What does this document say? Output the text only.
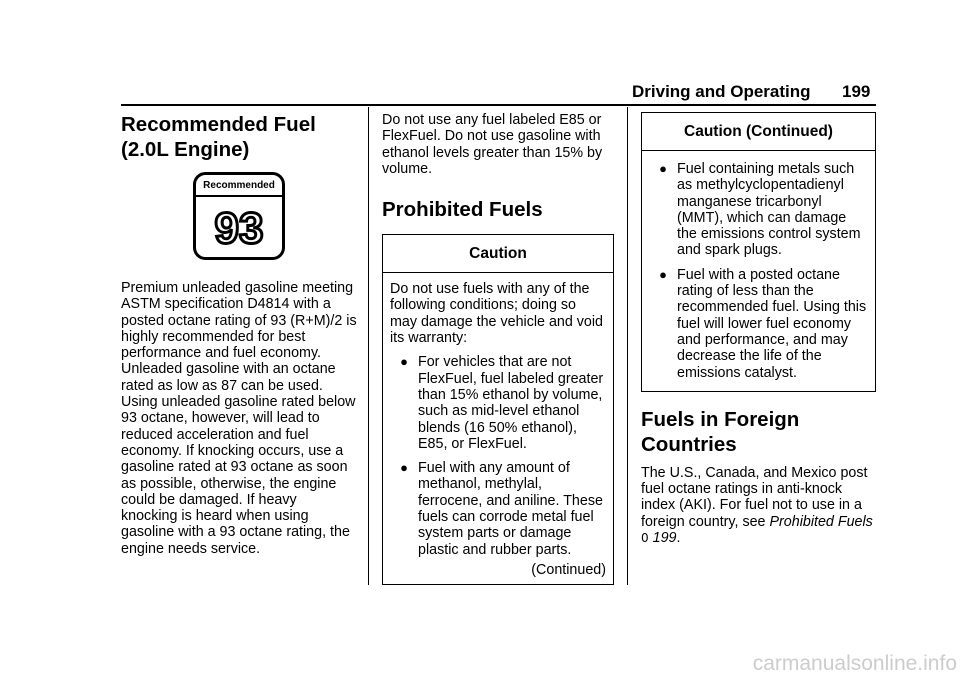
Driving and Operating 199
Recommended Fuel (2.0L Engine)

Premium unleaded gasoline meeting ASTM specification D4814 with a posted octane rating of 93 (R+M)/2 is highly recommended for best performance and fuel economy. Unleaded gasoline with an octane rated as low as 87 can be used. Using unleaded gasoline rated below 93 octane, however, will lead to reduced acceleration and fuel economy. If knocking occurs, use a gasoline rated at 93 octane as soon as possible, otherwise, the engine could be damaged. If heavy knocking is heard when using gasoline with a 93 octane rating, the engine needs service.

Recommended
93

Do not use any fuel labeled E85 or FlexFuel. Do not use gasoline with ethanol levels greater than 15% by volume.

Prohibited Fuels
Caution

Do not use fuels with any of the following conditions; doing so may damage the vehicle and void its warranty:

● For vehicles that are not FlexFuel, fuel labeled greater than 15% ethanol by volume, such as mid-level ethanol blends (16 50% ethanol), E85, or FlexFuel.
● Fuel with any amount of methanol, methylal, ferrocene, and aniline. These fuels can corrode metal fuel system parts or damage plastic and rubber parts.
(Continued)
Caution (Continued)
● Fuel containing metals such as methylcyclopentadienyl manganese tricarbonyl (MMT), which can damage the emissions control system and spark plugs.
● Fuel with a posted octane rating of less than the recommended fuel. Using this fuel will lower fuel economy and performance, and may decrease the life of the emissions catalyst.
Fuels in Foreign Countries

The U.S., Canada, and Mexico post fuel octane ratings in anti-knock index (AKI). For fuel not to use in a foreign country, see Prohibited Fuels 0 199.

carmanualsonline.info
